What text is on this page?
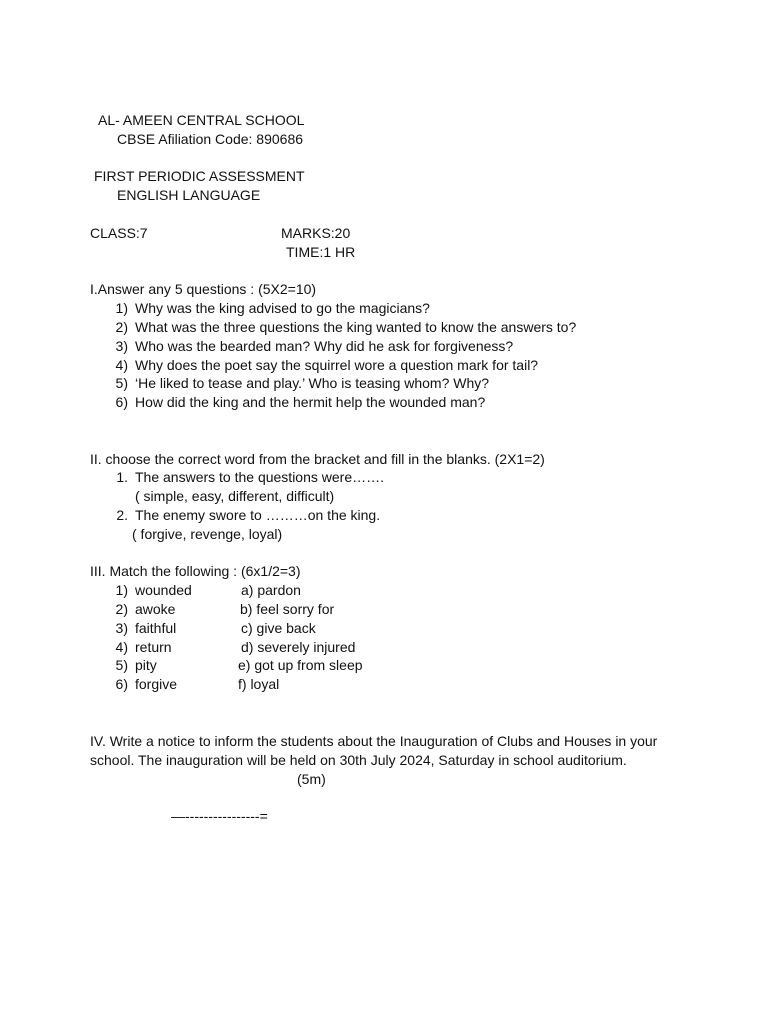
AL- AMEEN CENTRAL SCHOOL
CBSE Afiliation Code: 890686
FIRST PERIODIC ASSESSMENT
ENGLISH LANGUAGE
CLASS:7	MARKS:20
TIME:1 HR
I.Answer any 5 questions : (5X2=10)
1) Why was the king advised to go the magicians?
2) What was the three questions the king wanted to know the answers to?
3) Who was the bearded man? Why did he ask for forgiveness?
4) Why does the poet say the squirrel wore a question mark for tail?
5) ‘He liked to tease and play.’ Who is teasing whom? Why?
6) How did the king and the hermit help the wounded man?
II. choose the correct word from the bracket and fill in the blanks. (2X1=2)
1. The answers to the questions were…….
( simple, easy, different, difficult)
2. The enemy swore to ………on the king.
( forgive, revenge, loyal)
III. Match the following : (6x1/2=3)
1) wounded	a) pardon
2) awoke	b) feel sorry for
3) faithful	c) give back
4) return	d) severely injured
5) pity	e) got up from sleep
6) forgive	f) loyal
IV. Write a notice to inform the students about the Inauguration of Clubs and Houses in your
school. The inauguration will be held on 30th July 2024, Saturday in school auditorium.
(5m)
—----------------=
